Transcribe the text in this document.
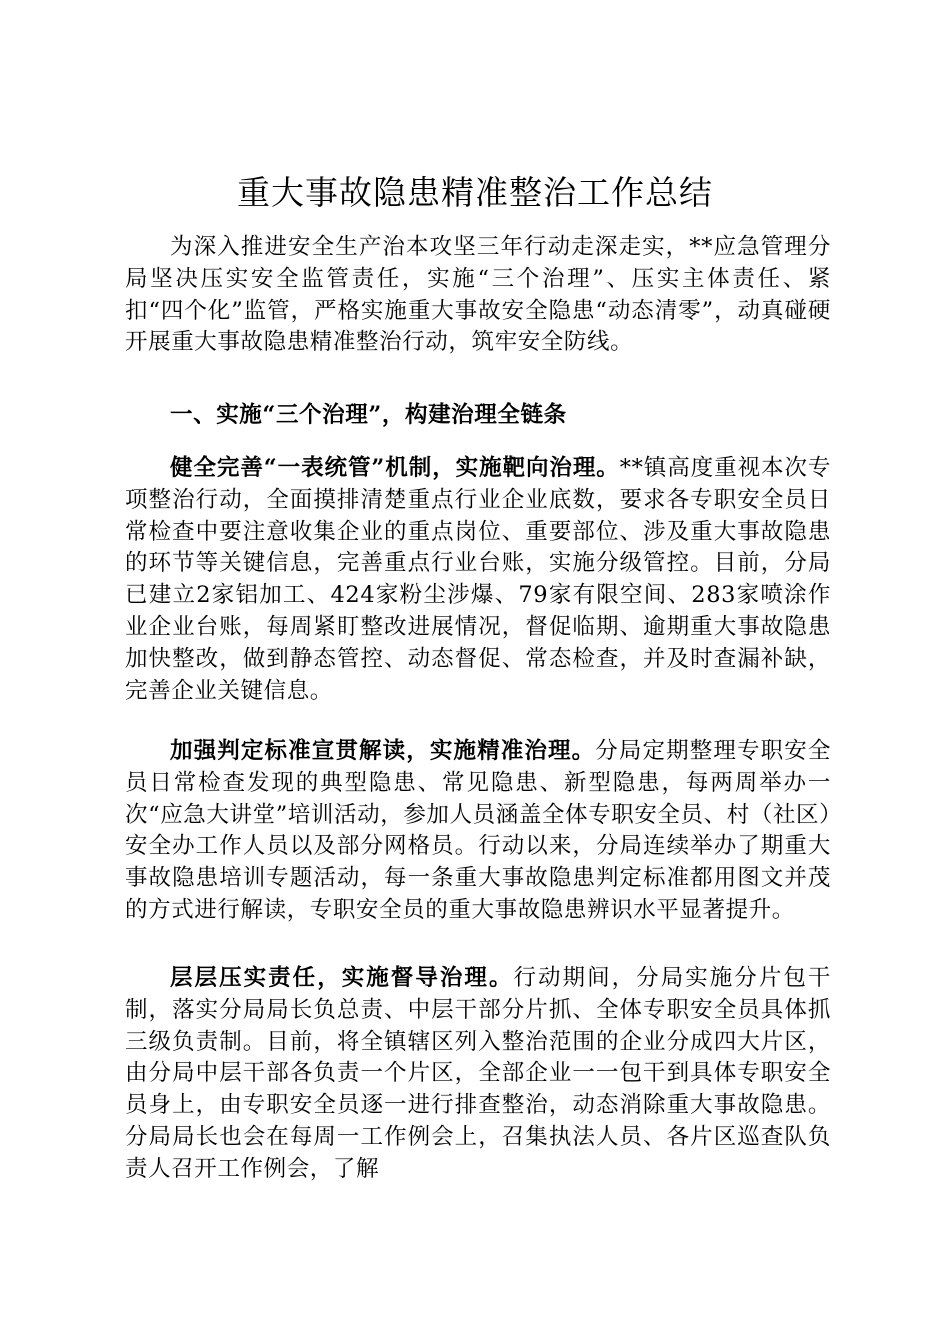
重大事故隐患精准整治工作总结

为深入推进安全生产治本攻坚三年行动走深走实，**应急管理分局坚决压实安全监管责任，实施“三个治理”、压实主体责任、紧扣“四个化”监管，严格实施重大事故安全隐患“动态清零”，动真碰硬开展重大事故隐患精准整治行动，筑牢安全防线。

一、实施“三个治理”，构建治理全链条

健全完善“一表统管”机制，实施靶向治理。**镇高度重视本次专项整治行动，全面摸排清楚重点行业企业底数，要求各专职安全员日常检查中要注意收集企业的重点岗位、重要部位、涉及重大事故隐患的环节等关键信息，完善重点行业台账，实施分级管控。目前，分局已建立2家铝加工、424家粉尘涉爆、79家有限空间、283家喷涂作业企业台账，每周紧盯整改进展情况，督促临期、逾期重大事故隐患加快整改，做到静态管控、动态督促、常态检查，并及时查漏补缺，完善企业关键信息。

加强判定标准宣贯解读，实施精准治理。分局定期整理专职安全员日常检查发现的典型隐患、常见隐患、新型隐患，每两周举办一次“应急大讲堂”培训活动，参加人员涵盖全体专职安全员、村（社区）安全办工作人员以及部分网格员。行动以来，分局连续举办了期重大事故隐患培训专题活动，每一条重大事故隐患判定标准都用图文并茂的方式进行解读，专职安全员的重大事故隐患辨识水平显著提升。

层层压实责任，实施督导治理。行动期间，分局实施分片包干制，落实分局局长负总责、中层干部分片抓、全体专职安全员具体抓三级负责制。目前，将全镇辖区列入整治范围的企业分成四大片区，由分局中层干部各负责一个片区，全部企业一一包干到具体专职安全员身上，由专职安全员逐一进行排查整治，动态消除重大事故隐患。分局局长也会在每周一工作例会上，召集执法人员、各片区巡查队负责人召开工作例会，了解
